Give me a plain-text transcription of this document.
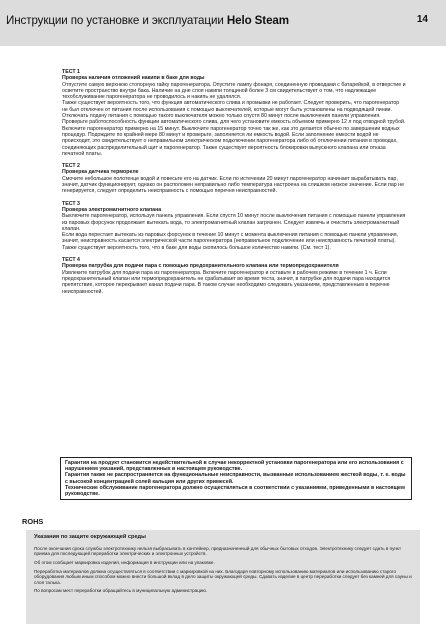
Инструкции по установке и эксплуатации Helo Steam	14
ТЕСТ 1
Проверка наличия отложений накипи в баке для воды

Отпустите самую верхнюю стопорную гайку парогенератора. Опустите лампу фонаря, соединенную проводами с батарейкой, в отверстие и осветите пространство внутри бака. Наличие на дне слоя накипи толщиной более 3 см свидетельствует о том, что надлежащее техобслуживание парогенератора не проводилось и накипь не удалялся.

Также существует вероятность того, что функция автоматического слива и промывки не работает. Следует проверить, что парогенератор не был отключен от питания после использования с помощью выключателей, которые могут быть установлены на подводящей линии. Отключать подачу питания с помощью такого выключателя можно только спустя 80 минут после выключения панели управления.

Проверьте работоспособность функции автоматического слива, для чего установите емкость объемом примерно 12 л под отводной трубой. Включите парогенератор примерно на 15 минут. Выключите парогенератор точно так же, как это делается обычно по завершении водных процедур. Подождите по крайней мере 80 минут и проверьте, заполняется ли емкость водой. Если заполнение емкости водой не происходит, это свидетельствует о неправильном электрическом подключении парогенератора либо об отключении питания в проводах, соединяющих распределительный щит и парогенератор. Также существует вероятность блокировки выпускного клапана или отказа печатной платы.

ТЕСТ 2
Проверка датчика термореле

Смочите небольшое полотенце водой и повесьте его на датчик. Если по истечении 20 минут парогенератор начинает вырабатывать пар, значит, датчик функционирует, однако он расположен неправильно либо температура настроена на слишком низкое значение. Если пар не генерируется, следует определить неисправность с помощью перечня неисправностей.

ТЕСТ 3
Проверка электромагнитного клапана

Выключите парогенератор, используя панель управления. Если спустя 10 минут после выключения питания с помощью панели управления из паровых форсунок продолжает вытекать вода, то электромагнитный клапан загрязнен. Следует извлечь и очистить электромагнитный клапан.

Если вода перестает вытекать из паровых форсунок в течение 10 минут с момента выключения питания с помощью панели управления, значит, неисправность касается электрической части парогенератора (неправильное подключение или неисправность печатной платы). Также существует вероятность того, что в баке для воды скопилось большое количество накипи. (См. тест 1).

ТЕСТ 4
Проверка патрубка для подачи пара с помощью предохранительного клапана или термопредохранителя

Извлеките патрубок для подачи пара из парогенератора. Включите парогенератор и оставьте в рабочем режиме в течение 1 ч. Если предохранительный клапан или термопредохранитель не срабатывает во время теста, значит, в патрубке для подачи пара находится препятствие, которое перекрывает канал подачи пара. В таком случае необходимо следовать указаниям, представленным в перечне неисправностей.

Гарантия на продукт становится недействительной в случае некорректной установки парогенератора или его использования с нарушением указаний, представленных в настоящем руководстве.
Гарантия также не распространяется на функциональные неисправности, вызванные использованием жесткой воды, т. е. воды с высокой концентрацией солей кальция или других примесей.
Технические обслуживание парогенератора должно осуществляться в соответствии с указаниями, приведенными в настоящем руководстве.
ROHS
Указания по защите окружающей среды

После окончания срока службы электротехнику нельзя выбрасывать в контейнер, предназначенный для обычных бытовых отходов. Электротехнику следует сдать в пункт приема для последующей переработки электрических и электронных устройств.

Об этом сообщает маркировка изделия, информация в инструкции или на упаковке.

Переработка материалов должна осуществляться в соответствии с маркировкой на них. Благодаря повторному использованию материалов или использованию старого оборудования любым иным способом можно внести большой вклад в дело защиты окружающей среды. Сдавать изделие в центр переработки следует без камней для сауны и слоя талька.

По вопросам мест переработки обращайтесь в муниципальную администрацию.
